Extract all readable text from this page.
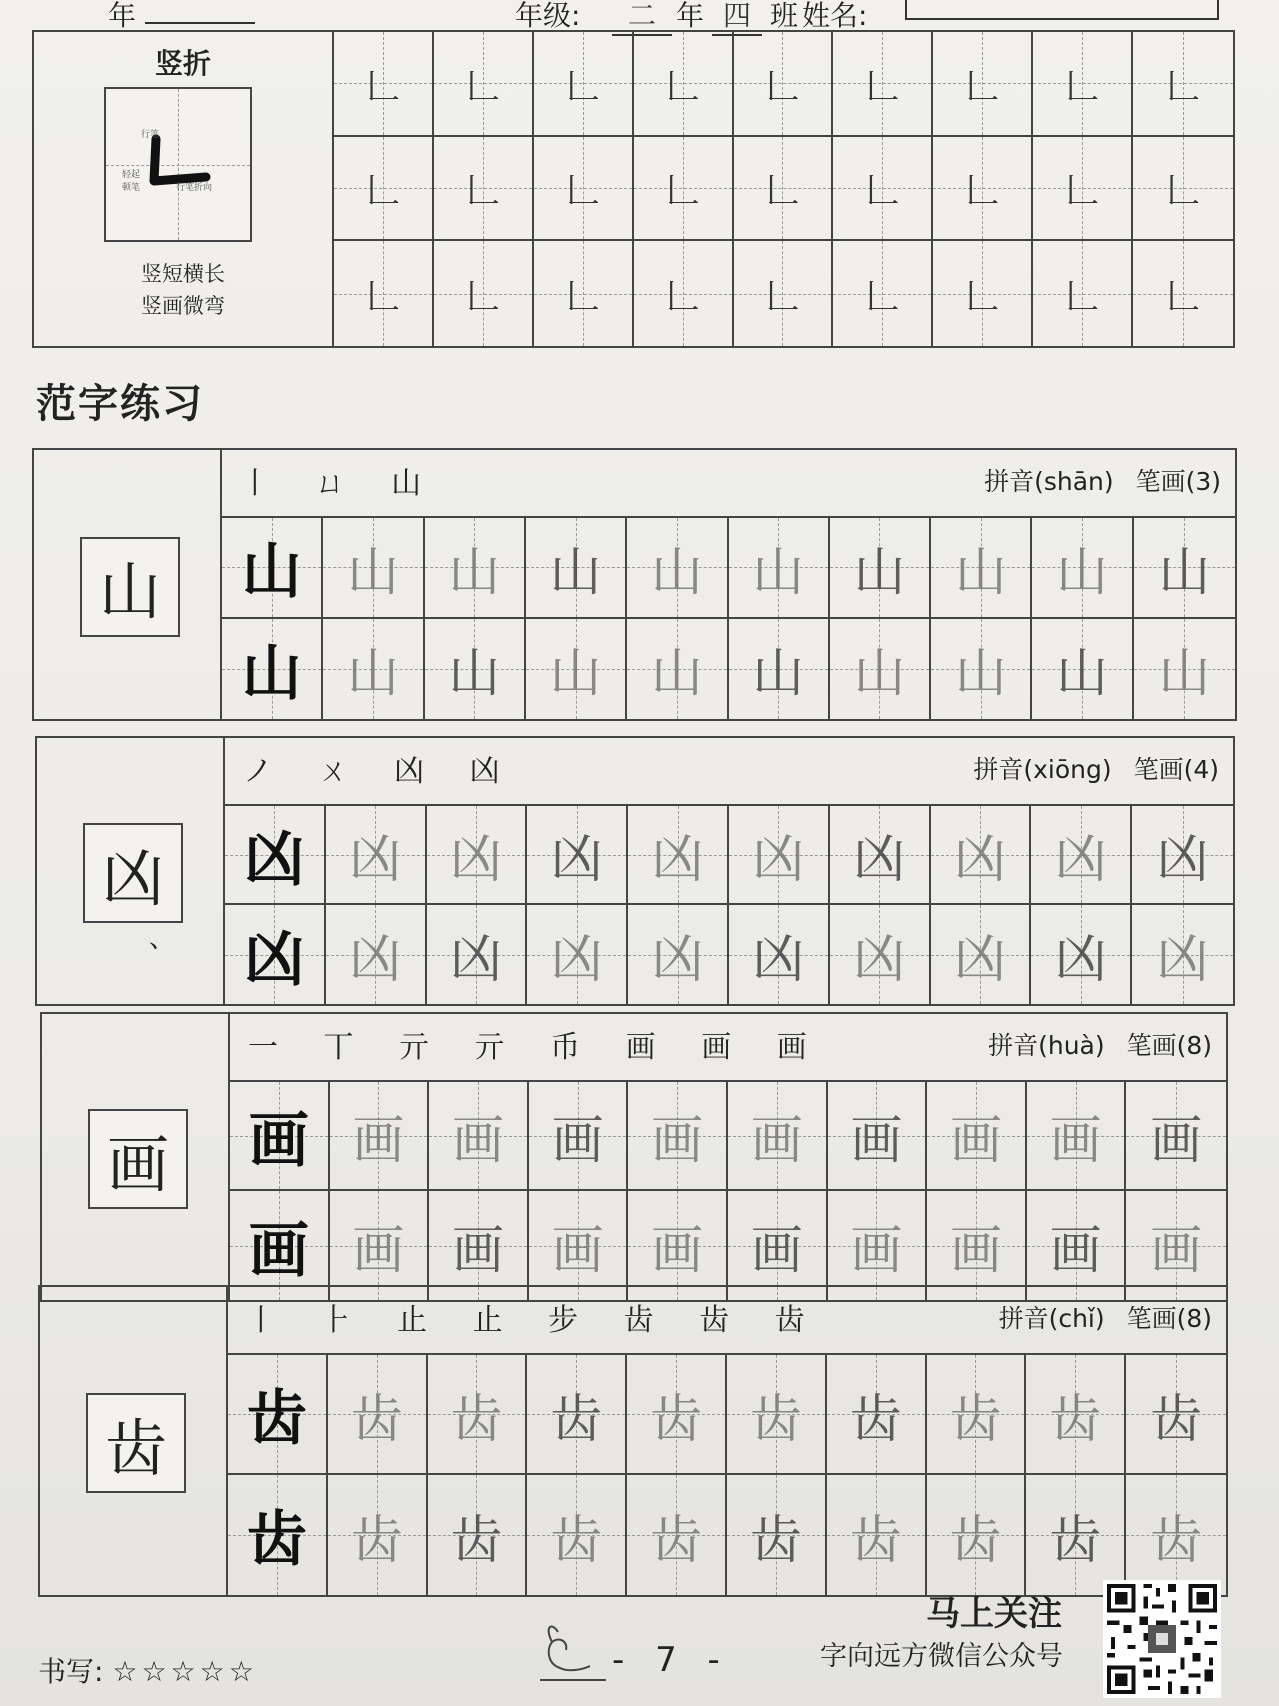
年	年级:	二 年 四 班 姓名:
竖折
行笔
轻起
顿笔	行笔折向
竖短横长
竖画微弯
𠃊	𠃊	𠃊	𠃊	𠃊	𠃊	𠃊	𠃊	𠃊
𠃊	𠃊	𠃊	𠃊	𠃊	𠃊	𠃊	𠃊	𠃊
𠃊	𠃊	𠃊	𠃊	𠃊	𠃊	𠃊	𠃊	𠃊
范字练习
山
丨 ㄩ 山	拼音(shān) 笔画(3)
山 山 山 山 山 山 山 山 山 山
山 山 山 山 山 山 山 山 山 山
凶
ノ ㄨ 凶 凶	拼音(xiōng) 笔画(4)
凶 凶 凶 凶 凶 凶 凶 凶 凶 凶
凶 凶 凶 凶 凶 凶 凶 凶 凶 凶
、
画
一 丅 亓 亓 币 画 画 画	拼音(huà) 笔画(8)
画 画 画 画 画 画 画 画 画 画
画 画 画 画 画 画 画 画 画 画
齿
丨 ⺊ 止 止 步 齿 齿 齿	拼音(chǐ) 笔画(8)
齿 齿 齿 齿 齿 齿 齿 齿 齿 齿
齿 齿 齿 齿 齿 齿 齿 齿 齿 齿
书写: ☆☆☆☆☆	- 7 -
马上关注
字向远方微信公众号
